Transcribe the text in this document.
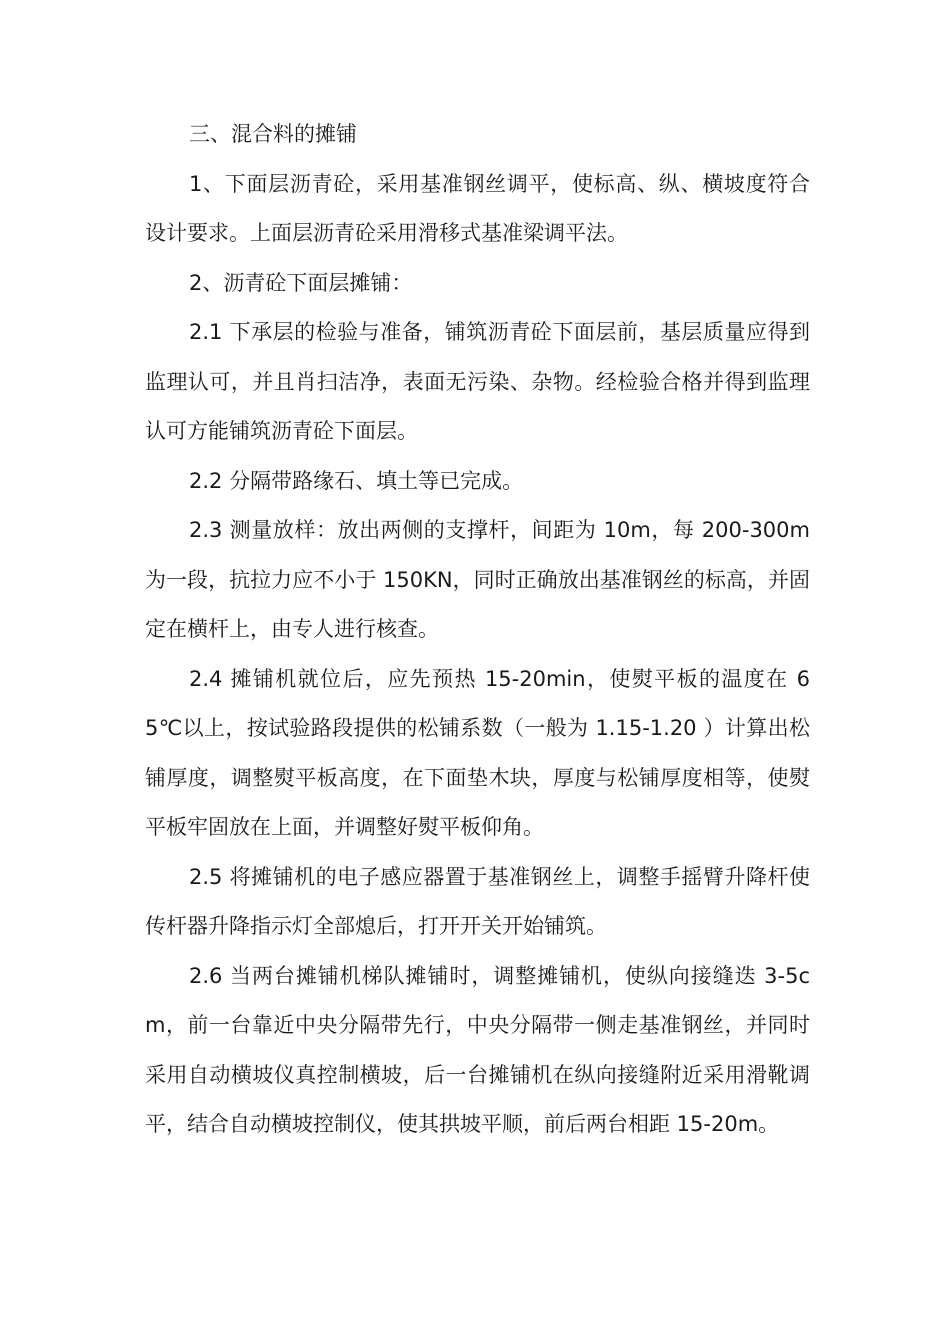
三、混合料的摊铺

1、下面层沥青砼，采用基准钢丝调平，使标高、纵、横坡度符合设计要求。上面层沥青砼采用滑移式基准梁调平法。

2、沥青砼下面层摊铺：

2.1 下承层的检验与准备，铺筑沥青砼下面层前，基层质量应得到监理认可，并且肖扫洁净，表面无污染、杂物。经检验合格并得到监理认可方能铺筑沥青砼下面层。

2.2 分隔带路缘石、填土等已完成。

2.3 测量放样：放出两侧的支撑杆，间距为 10m，每 200-300m 为一段，抗拉力应不小于 150KN，同时正确放出基准钢丝的标高，并固定在横杆上，由专人进行核查。

2.4 摊铺机就位后，应先预热 15-20min，使熨平板的温度在 65℃以上，按试验路段提供的松铺系数（一般为 1.15-1.20 ）计算出松铺厚度，调整熨平板高度，在下面垫木块，厚度与松铺厚度相等，使熨平板牢固放在上面，并调整好熨平板仰角。

2.5 将摊铺机的电子感应器置于基准钢丝上，调整手摇臂升降杆使传杆器升降指示灯全部熄后，打开开关开始铺筑。

2.6 当两台摊铺机梯队摊铺时，调整摊铺机，使纵向接缝迭 3-5cm，前一台靠近中央分隔带先行，中央分隔带一侧走基准钢丝，并同时采用自动横坡仪真控制横坡，后一台摊铺机在纵向接缝附近采用滑靴调平，结合自动横坡控制仪，使其拱坡平顺，前后两台相距 15-20m。
